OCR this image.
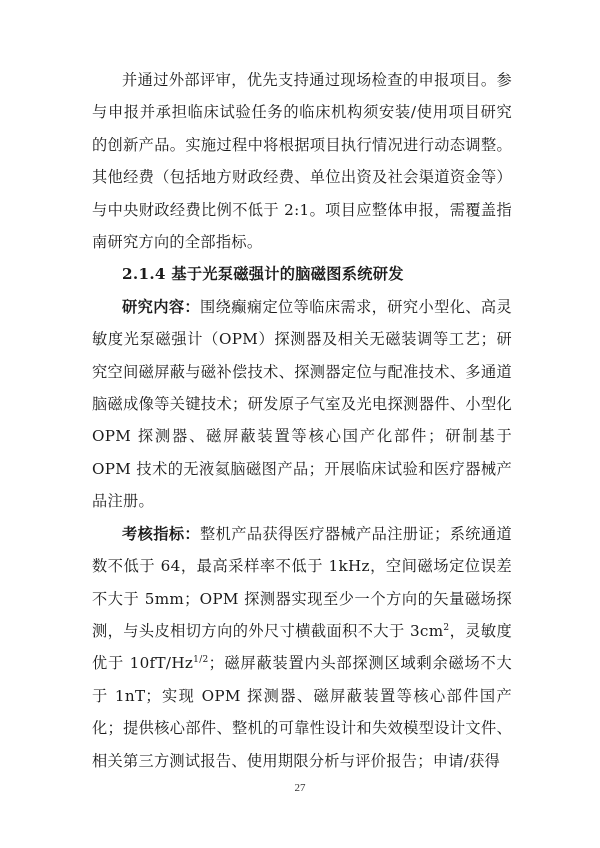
并通过外部评审，优先支持通过现场检查的申报项目。参与申报并承担临床试验任务的临床机构须安装/使用项目研究的创新产品。实施过程中将根据项目执行情况进行动态调整。其他经费（包括地方财政经费、单位出资及社会渠道资金等）与中央财政经费比例不低于 2:1。项目应整体申报，需覆盖指南研究方向的全部指标。

2.1.4 基于光泵磁强计的脑磁图系统研发

研究内容：围绕癫痫定位等临床需求，研究小型化、高灵敏度光泵磁强计（OPM）探测器及相关无磁装调等工艺；研究空间磁屏蔽与磁补偿技术、探测器定位与配准技术、多通道脑磁成像等关键技术；研发原子气室及光电探测器件、小型化 OPM 探测器、磁屏蔽装置等核心国产化部件；研制基于 OPM 技术的无液氦脑磁图产品；开展临床试验和医疗器械产品注册。

考核指标：整机产品获得医疗器械产品注册证；系统通道数不低于 64，最高采样率不低于 1kHz，空间磁场定位误差不大于 5mm；OPM 探测器实现至少一个方向的矢量磁场探测，与头皮相切方向的外尺寸横截面积不大于 $3cm^2$，灵敏度优于 $10fT/Hz^{1/2}$；磁屏蔽装置内头部探测区域剩余磁场不大于 1nT；实现 OPM 探测器、磁屏蔽装置等核心部件国产化；提供核心部件、整机的可靠性设计和失效模型设计文件、相关第三方测试报告、使用期限分析与评价报告；申请/获得

27
